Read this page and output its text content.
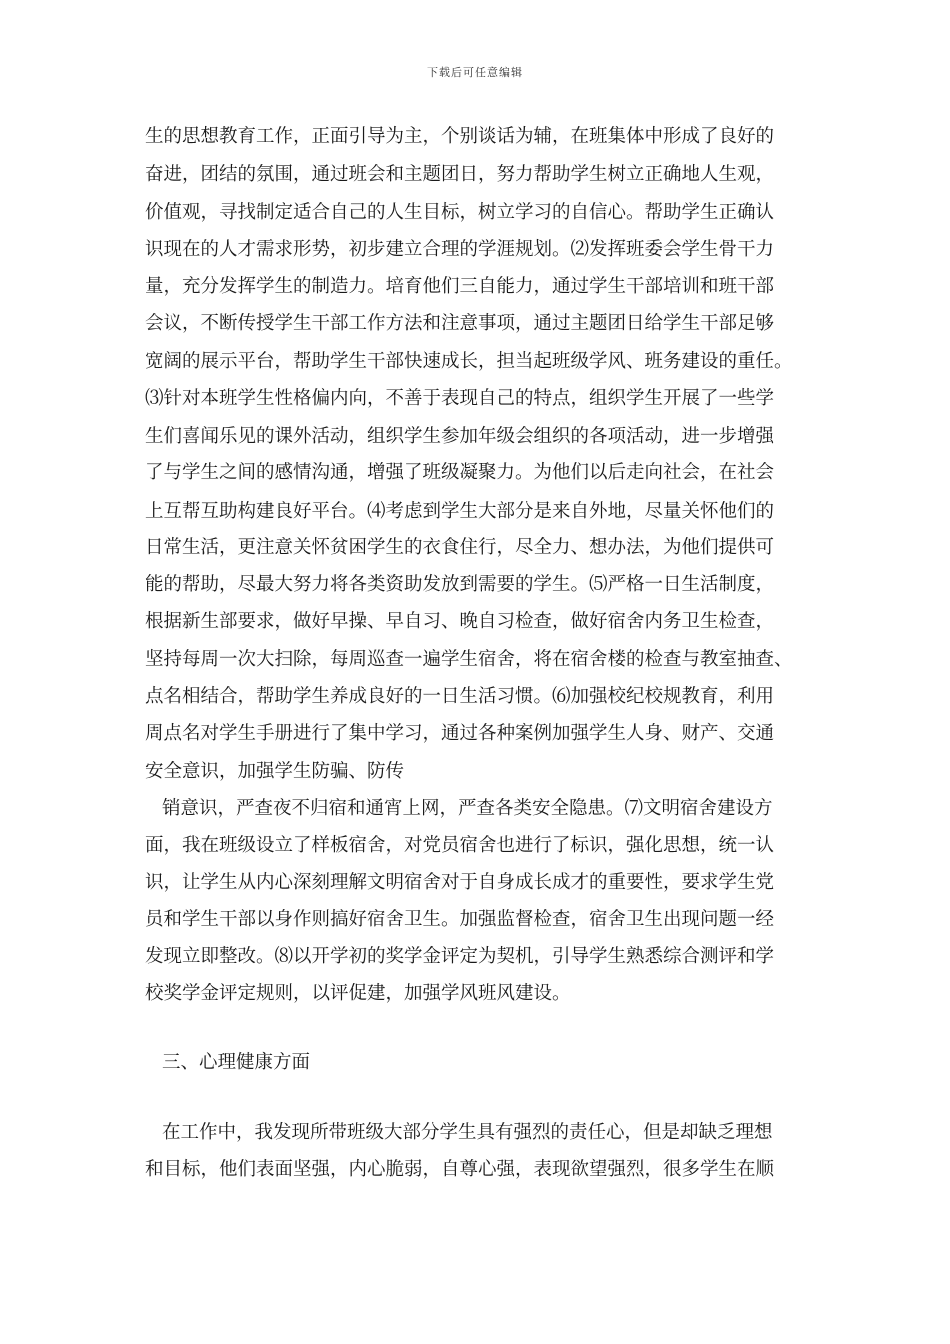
下载后可任意编辑
生的思想教育工作，正面引导为主，个别谈话为辅，在班集体中形成了良好的
奋进，团结的氛围，通过班会和主题团日，努力帮助学生树立正确地人生观，
价值观，寻找制定适合自己的人生目标，树立学习的自信心。帮助学生正确认
识现在的人才需求形势，初步建立合理的学涯规划。⑵发挥班委会学生骨干力
量，充分发挥学生的制造力。培育他们三自能力，通过学生干部培训和班干部
会议，不断传授学生干部工作方法和注意事项，通过主题团日给学生干部足够
宽阔的展示平台，帮助学生干部快速成长，担当起班级学风、班务建设的重任。
⑶针对本班学生性格偏内向，不善于表现自己的特点，组织学生开展了一些学
生们喜闻乐见的课外活动，组织学生参加年级会组织的各项活动，进一步增强
了与学生之间的感情沟通，增强了班级凝聚力。为他们以后走向社会，在社会
上互帮互助构建良好平台。⑷考虑到学生大部分是来自外地，尽量关怀他们的
日常生活，更注意关怀贫困学生的衣食住行，尽全力、想办法，为他们提供可
能的帮助，尽最大努力将各类资助发放到需要的学生。⑸严格一日生活制度，
根据新生部要求，做好早操、早自习、晚自习检查，做好宿舍内务卫生检查，
坚持每周一次大扫除，每周巡查一遍学生宿舍，将在宿舍楼的检查与教室抽查、
点名相结合，帮助学生养成良好的一日生活习惯。⑹加强校纪校规教育，利用
周点名对学生手册进行了集中学习，通过各种案例加强学生人身、财产、交通
安全意识，加强学生防骗、防传
销意识，严查夜不归宿和通宵上网，严查各类安全隐患。⑺文明宿舍建设方
面，我在班级设立了样板宿舍，对党员宿舍也进行了标识，强化思想，统一认
识，让学生从内心深刻理解文明宿舍对于自身成长成才的重要性，要求学生党
员和学生干部以身作则搞好宿舍卫生。加强监督检查，宿舍卫生出现问题一经
发现立即整改。⑻以开学初的奖学金评定为契机，引导学生熟悉综合测评和学
校奖学金评定规则，以评促建，加强学风班风建设。
三、心理健康方面
在工作中，我发现所带班级大部分学生具有强烈的责任心，但是却缺乏理想
和目标，他们表面坚强，内心脆弱，自尊心强，表现欲望强烈，很多学生在顺
